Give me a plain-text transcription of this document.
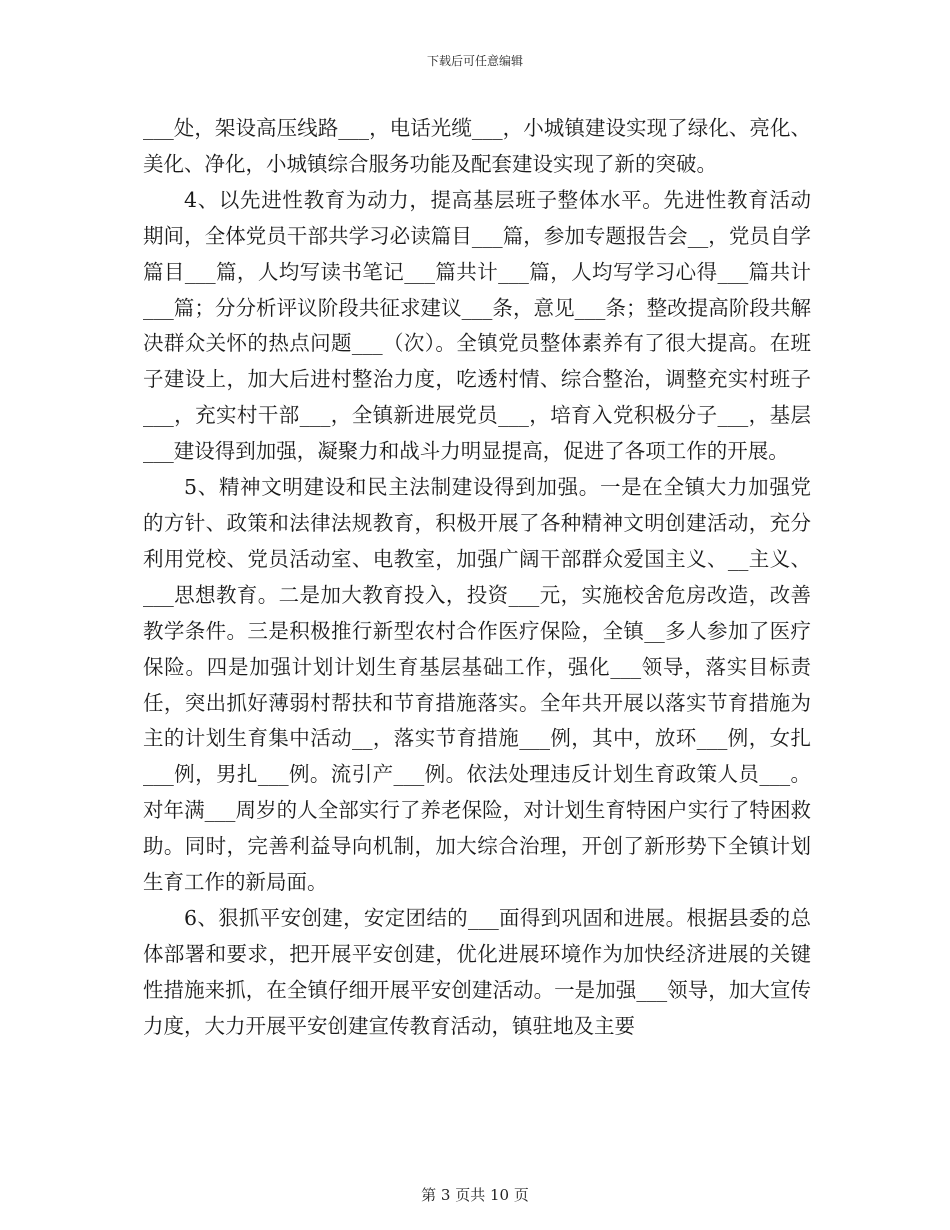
下载后可任意编辑

___处，架设高压线路___，电话光缆___，小城镇建设实现了绿化、亮化、美化、净化，小城镇综合服务功能及配套建设实现了新的突破。

4、以先进性教育为动力，提高基层班子整体水平。先进性教育活动期间，全体党员干部共学习必读篇目___篇，参加专题报告会__，党员自学篇目___篇，人均写读书笔记___篇共计___篇，人均写学习心得___篇共计___篇；分分析评议阶段共征求建议___条，意见___条；整改提高阶段共解决群众关怀的热点问题___（次）。全镇党员整体素养有了很大提高。在班子建设上，加大后进村整治力度，吃透村情、综合整治，调整充实村班子___，充实村干部___，全镇新进展党员___，培育入党积极分子___，基层___建设得到加强，凝聚力和战斗力明显提高，促进了各项工作的开展。

5、精神文明建设和民主法制建设得到加强。一是在全镇大力加强党的方针、政策和法律法规教育，积极开展了各种精神文明创建活动，充分利用党校、党员活动室、电教室，加强广阔干部群众爱国主义、__主义、___思想教育。二是加大教育投入，投资___元，实施校舍危房改造，改善教学条件。三是积极推行新型农村合作医疗保险，全镇__多人参加了医疗保险。四是加强计划计划生育基层基础工作，强化___领导，落实目标责任，突出抓好薄弱村帮扶和节育措施落实。全年共开展以落实节育措施为主的计划生育集中活动__，落实节育措施___例，其中，放环___例，女扎___例，男扎___例。流引产___例。依法处理违反计划生育政策人员___。对年满___周岁的人全部实行了养老保险，对计划生育特困户实行了特困救助。同时，完善利益导向机制，加大综合治理，开创了新形势下全镇计划生育工作的新局面。

6、狠抓平安创建，安定团结的___面得到巩固和进展。根据县委的总体部署和要求，把开展平安创建，优化进展环境作为加快经济进展的关键性措施来抓，在全镇仔细开展平安创建活动。一是加强___领导，加大宣传力度，大力开展平安创建宣传教育活动，镇驻地及主要

第 3 页共 10 页
